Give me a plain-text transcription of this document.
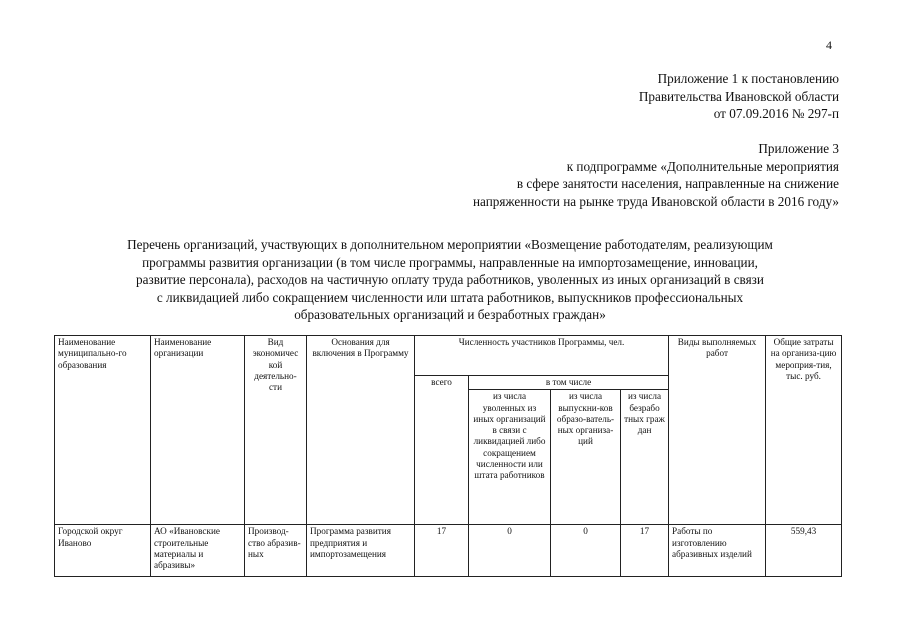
4
Приложение 1 к постановлению
Правительства Ивановской области
от 07.09.2016 № 297-п
Приложение 3
к подпрограмме «Дополнительные мероприятия
в сфере занятости населения, направленные на снижение
напряженности на рынке труда Ивановской области в 2016 году»
Перечень организаций, участвующих в дополнительном мероприятии «Возмещение работодателям, реализующим
программы развития организации (в том числе программы, направленные на импортозамещение, инновации,
развитие персонала), расходов на частичную оплату труда работников, уволенных из иных организаций в связи
с ликвидацией либо сокращением численности или штата работников, выпускников профессиональных
образовательных организаций и безработных граждан»
Наименование муниципально-го образования	Наименование организации	Вид экономичес кой деятельно-сти	Основания для включения в Программу	Численность участников Программы, чел.				Виды выполняемых работ	Общие затраты на организа-цию мероприя-тия, тыс. руб.
				всего	в том числе				
					из числа уволенных из иных организаций в связи с ликвидацией либо сокращением численности или штата работников	из числа выпускни-ков образо-ватель-ных организа-ций	из числа безрабо тных граж дан		
Городской округ Иваново	АО «Ивановские строительные материалы и абразивы»	Производ-ство абразив-ных	Программа развития предприятия и импортозамещения	17	0	0	17	Работы по изготовлению абразивных изделий	559,43
